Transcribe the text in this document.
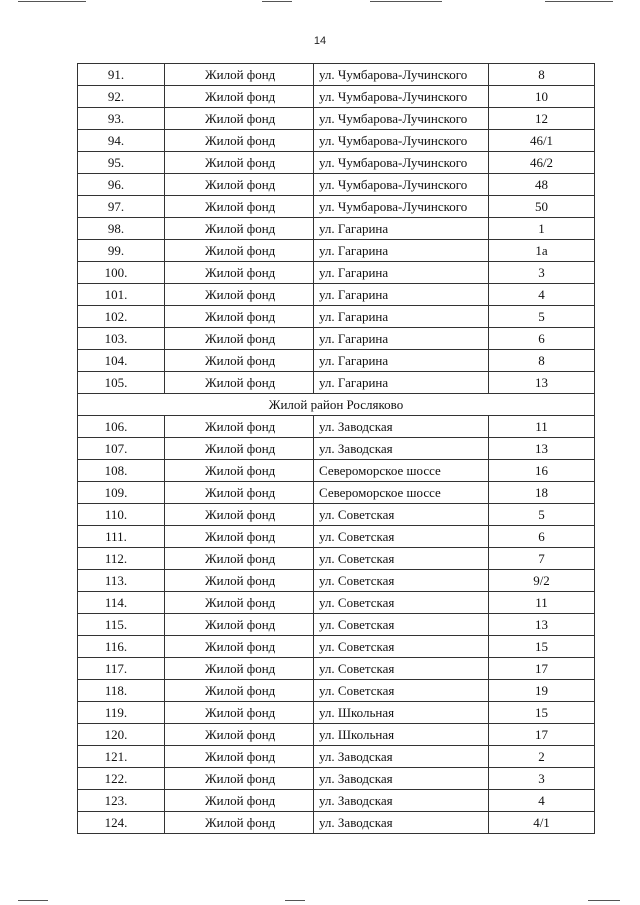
14
91.	Жилой фонд	ул. Чумбарова-Лучинского	8
92.	Жилой фонд	ул. Чумбарова-Лучинского	10
93.	Жилой фонд	ул. Чумбарова-Лучинского	12
94.	Жилой фонд	ул. Чумбарова-Лучинского	46/1
95.	Жилой фонд	ул. Чумбарова-Лучинского	46/2
96.	Жилой фонд	ул. Чумбарова-Лучинского	48
97.	Жилой фонд	ул. Чумбарова-Лучинского	50
98.	Жилой фонд	ул. Гагарина	1
99.	Жилой фонд	ул. Гагарина	1а
100.	Жилой фонд	ул. Гагарина	3
101.	Жилой фонд	ул. Гагарина	4
102.	Жилой фонд	ул. Гагарина	5
103.	Жилой фонд	ул. Гагарина	6
104.	Жилой фонд	ул. Гагарина	8
105.	Жилой фонд	ул. Гагарина	13
Жилой район Росляково			
106.	Жилой фонд	ул. Заводская	11
107.	Жилой фонд	ул. Заводская	13
108.	Жилой фонд	Североморское шоссе	16
109.	Жилой фонд	Североморское шоссе	18
110.	Жилой фонд	ул. Советская	5
111.	Жилой фонд	ул. Советская	6
112.	Жилой фонд	ул. Советская	7
113.	Жилой фонд	ул. Советская	9/2
114.	Жилой фонд	ул. Советская	11
115.	Жилой фонд	ул. Советская	13
116.	Жилой фонд	ул. Советская	15
117.	Жилой фонд	ул. Советская	17
118.	Жилой фонд	ул. Советская	19
119.	Жилой фонд	ул. Школьная	15
120.	Жилой фонд	ул. Школьная	17
121.	Жилой фонд	ул. Заводская	2
122.	Жилой фонд	ул. Заводская	3
123.	Жилой фонд	ул. Заводская	4
124.	Жилой фонд	ул. Заводская	4/1
